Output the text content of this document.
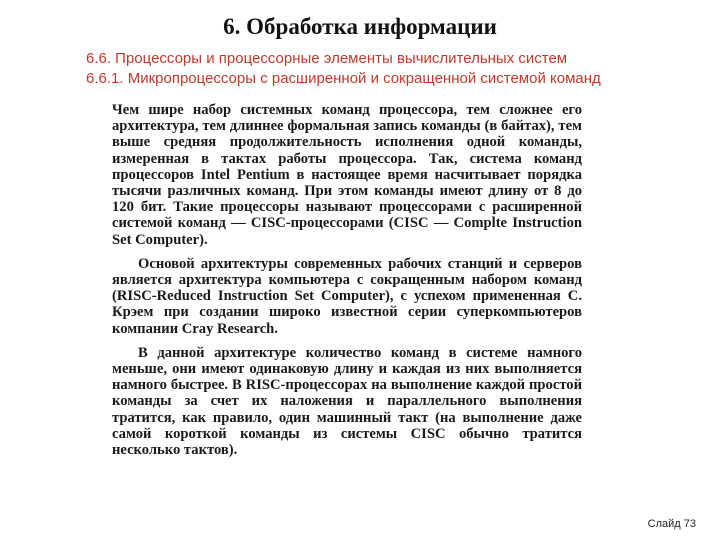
6. Обработка информации
6.6. Процессоры и процессорные элементы вычислительных систем
6.6.1. Микропроцессоры с расширенной и сокращенной системой команд

Чем шире набор системных команд процессора, тем сложнее его архитектура, тем длиннее формальная запись команды (в байтах), тем выше средняя продолжительность исполнения одной команды, измеренная в тактах работы процессора. Так, система команд процессоров Intel Pentium в настоящее время насчитывает порядка тысячи различных команд. При этом команды имеют длину от 8 до 120 бит. Такие процессоры называют процессорами с расширенной системой команд — CISC-процессорами (CISC — Complte Instruction Set Computer).

Основой архитектуры современных рабочих станций и серверов является архитектура компьютера с сокращенным набором команд (RISC-Reduced Instruction Set Computer), с успехом примененная С. Крэем при создании широко известной серии суперкомпьютеров компании Cray Research.

В данной архитектуре количество команд в системе намного меньше, они имеют одинаковую длину и каждая из них выполняется намного быстрее. В RISC-процессорах на выполнение каждой простой команды за счет их наложения и параллельного выполнения тратится, как правило, один машинный такт (на выполнение даже самой короткой команды из системы CISC обычно тратится несколько тактов).

Слайд 73
